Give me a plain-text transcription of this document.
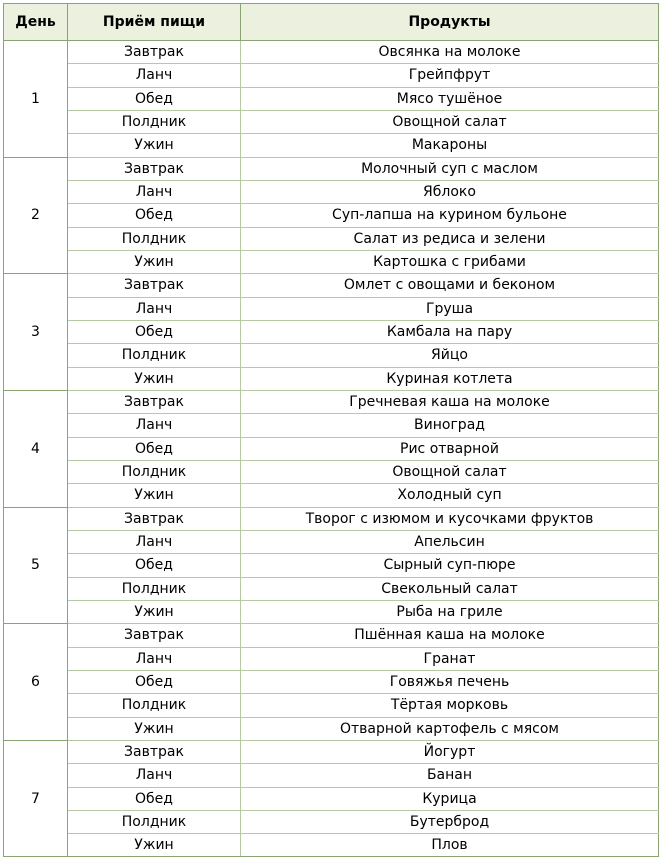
День	Приём пищи	Продукты
1	Завтрак	Овсянка на молоке
	Ланч	Грейпфрут
	Обед	Мясо тушёное
	Полдник	Овощной салат
	Ужин	Макароны
2	Завтрак	Молочный суп с маслом
	Ланч	Яблоко
	Обед	Суп-лапша на курином бульоне
	Полдник	Салат из редиса и зелени
	Ужин	Картошка с грибами
3	Завтрак	Омлет с овощами и беконом
	Ланч	Груша
	Обед	Камбала на пару
	Полдник	Яйцо
	Ужин	Куриная котлета
4	Завтрак	Гречневая каша на молоке
	Ланч	Виноград
	Обед	Рис отварной
	Полдник	Овощной салат
	Ужин	Холодный суп
5	Завтрак	Творог с изюмом и кусочками фруктов
	Ланч	Апельсин
	Обед	Сырный суп-пюре
	Полдник	Свекольный салат
	Ужин	Рыба на гриле
6	Завтрак	Пшённая каша на молоке
	Ланч	Гранат
	Обед	Говяжья печень
	Полдник	Тёртая морковь
	Ужин	Отварной картофель с мясом
7	Завтрак	Йогурт
	Ланч	Банан
	Обед	Курица
	Полдник	Бутерброд
	Ужин	Плов
